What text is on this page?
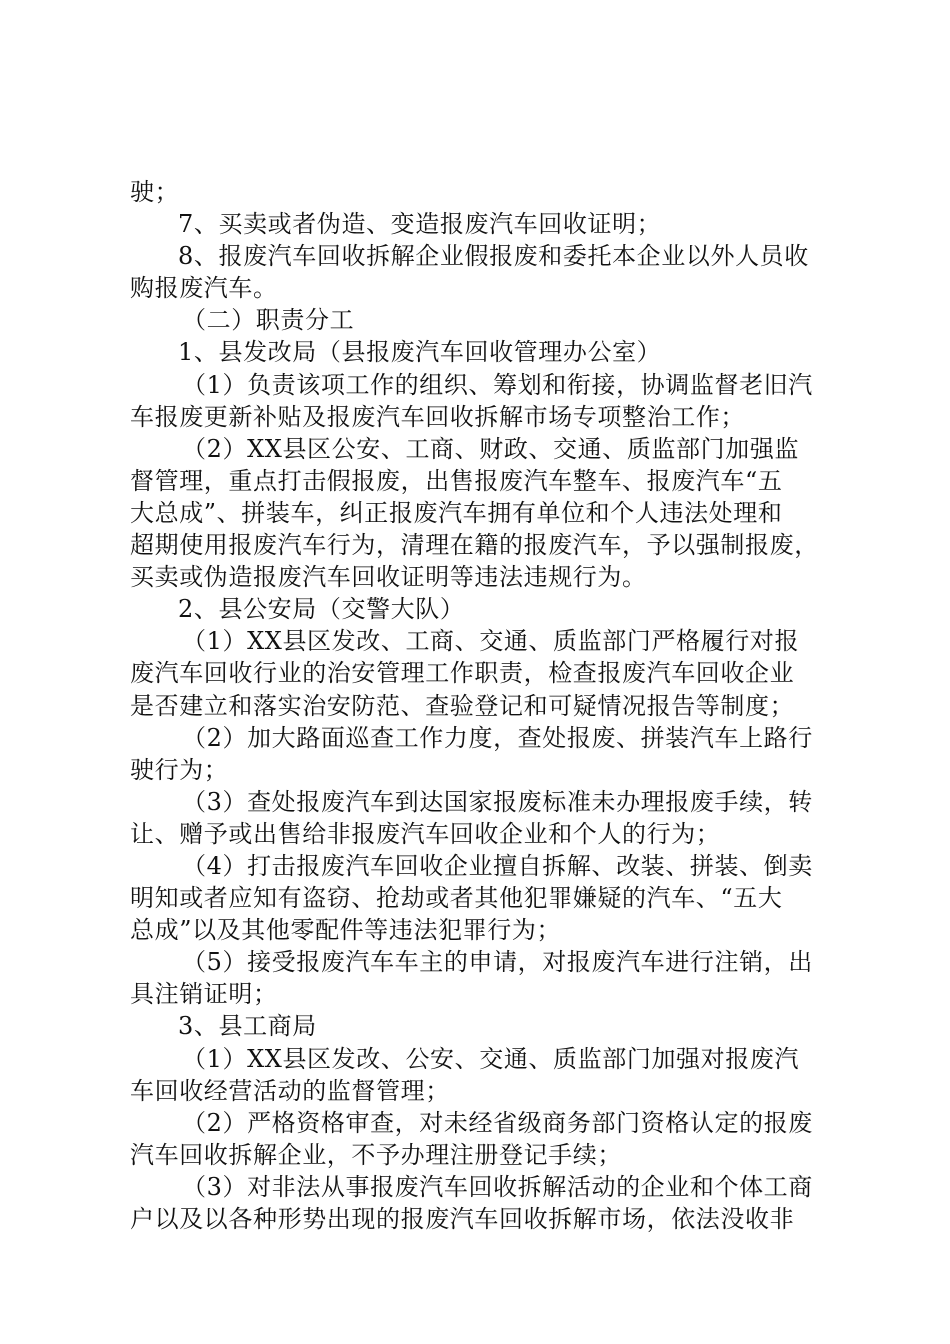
驶；
7、买卖或者伪造、变造报废汽车回收证明；
8、报废汽车回收拆解企业假报废和委托本企业以外人员收
购报废汽车。
（二）职责分工
1、县发改局（县报废汽车回收管理办公室）
（1）负责该项工作的组织、筹划和衔接，协调监督老旧汽
车报废更新补贴及报废汽车回收拆解市场专项整治工作；
（2）XX县区公安、工商、财政、交通、质监部门加强监
督管理，重点打击假报废，出售报废汽车整车、报废汽车“五
大总成”、拼装车，纠正报废汽车拥有单位和个人违法处理和
超期使用报废汽车行为，清理在籍的报废汽车，予以强制报废，
买卖或伪造报废汽车回收证明等违法违规行为。
2、县公安局（交警大队）
（1）XX县区发改、工商、交通、质监部门严格履行对报
废汽车回收行业的治安管理工作职责，检查报废汽车回收企业
是否建立和落实治安防范、查验登记和可疑情况报告等制度；
（2）加大路面巡查工作力度，查处报废、拼装汽车上路行
驶行为；
（3）查处报废汽车到达国家报废标准未办理报废手续，转
让、赠予或出售给非报废汽车回收企业和个人的行为；
（4）打击报废汽车回收企业擅自拆解、改装、拼装、倒卖
明知或者应知有盗窃、抢劫或者其他犯罪嫌疑的汽车、“五大
总成”以及其他零配件等违法犯罪行为；
（5）接受报废汽车车主的申请，对报废汽车进行注销，出
具注销证明；
3、县工商局
（1）XX县区发改、公安、交通、质监部门加强对报废汽
车回收经营活动的监督管理；
（2）严格资格审查，对未经省级商务部门资格认定的报废
汽车回收拆解企业，不予办理注册登记手续；
（3）对非法从事报废汽车回收拆解活动的企业和个体工商
户以及以各种形势出现的报废汽车回收拆解市场，依法没收非
